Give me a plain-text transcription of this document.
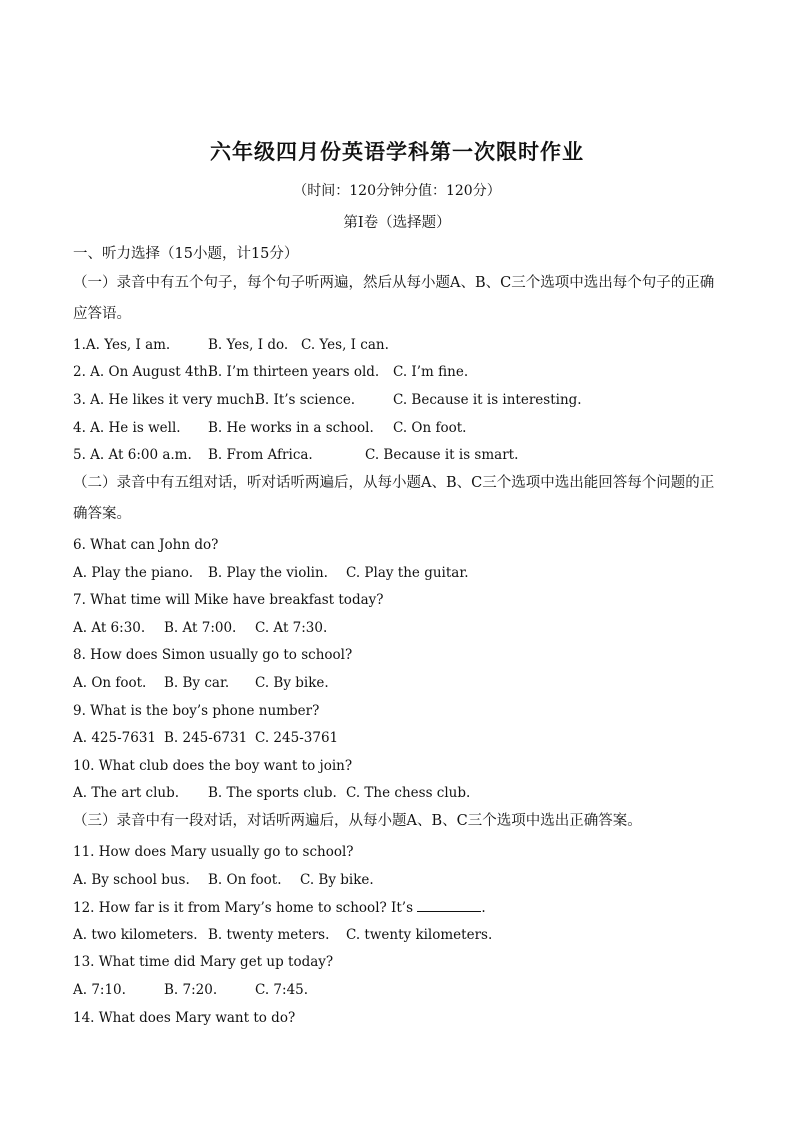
六年级四月份英语学科第一次限时作业
（时间：120分钟分值：120分）
第Ⅰ卷（选择题）
一、听力选择（15小题，计15分）
（一）录音中有五个句子，每个句子听两遍，然后从每小题A、B、C三个选项中选出每个句子的正确应答语。
1.A. Yes, I am.	B. Yes, I do. C. Yes, I can.
2. A. On August 4th.
B. I’m thirteen years old. C. I’m fine.
3. A. He likes it very much.
B. It’s science.	C. Because it is interesting.
4. A. He is well. B. He works in a school. C. On foot.
5. A. At 6:00 a.m. B. From Africa.	C. Because it is smart.
（二）录音中有五组对话，听对话听两遍后，从每小题A、B、C三个选项中选出能回答每个问题的正确答案。
6. What can John do?
A. Play the piano. B. Play the violin. C. Play the guitar.
7. What time will Mike have breakfast today?
A. At 6:30. B. At 7:00. C. At 7:30.
8. How does Simon usually go to school?
A. On foot. B. By car. C. By bike.
9. What is the boy’s phone number?
A. 425-7631 B. 245-6731 C. 245-3761
10. What club does the boy want to join?
A. The art club. B. The sports club. C. The chess club.
（三）录音中有一段对话，对话听两遍后，从每小题A、B、C三个选项中选出正确答案。
11. How does Mary usually go to school?
A. By school bus. B. On foot. C. By bike.
12. How far is it from Mary’s home to school? It’s	.
A. two kilometers. B. twenty meters. C. twenty kilometers.
13. What time did Mary get up today?
A. 7:10.	B. 7:20.	C. 7:45.
14. What does Mary want to do?
